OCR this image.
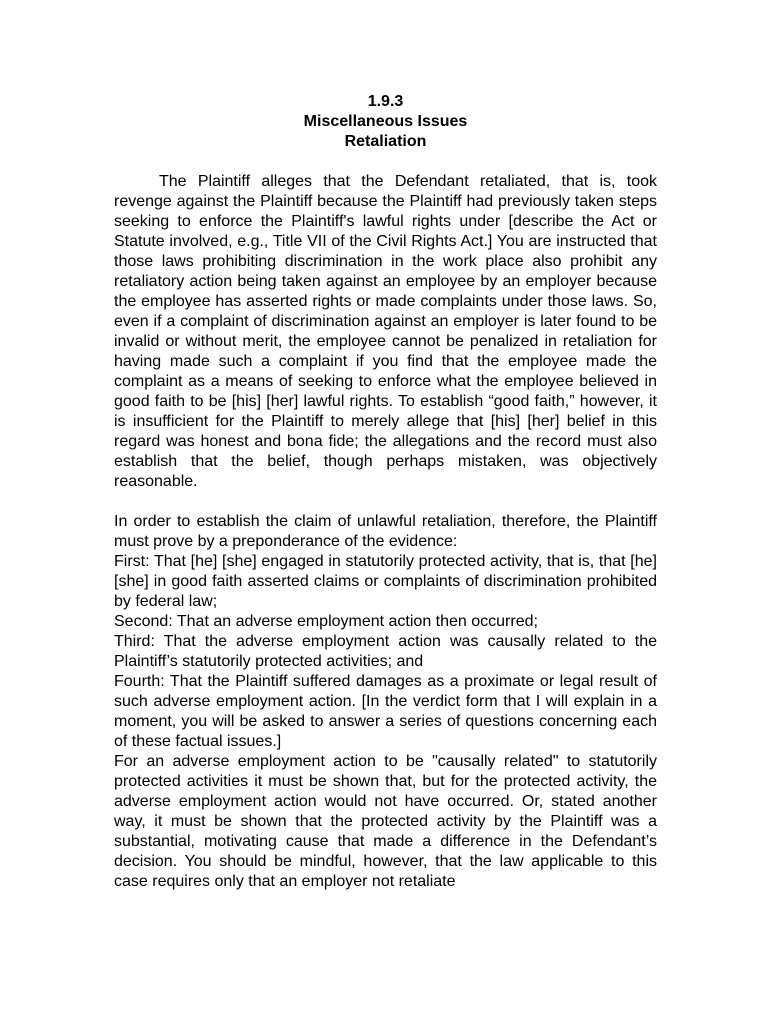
1.9.3
Miscellaneous Issues
Retaliation

The Plaintiff alleges that the Defendant retaliated, that is, took revenge against the Plaintiff because the Plaintiff had previously taken steps seeking to enforce the Plaintiff's lawful rights under [describe the Act or Statute involved, e.g., Title VII of the Civil Rights Act.] You are instructed that those laws prohibiting discrimination in the work place also prohibit any retaliatory action being taken against an employee by an employer because the employee has asserted rights or made complaints under those laws. So, even if a complaint of discrimination against an employer is later found to be invalid or without merit, the employee cannot be penalized in retaliation for having made such a complaint if you find that the employee made the complaint as a means of seeking to enforce what the employee believed in good faith to be [his] [her] lawful rights. To establish “good faith,” however, it is insufficient for the Plaintiff to merely allege that [his] [her] belief in this regard was honest and bona fide; the allegations and the record must also establish that the belief, though perhaps mistaken, was objectively reasonable.

In order to establish the claim of unlawful retaliation, therefore, the Plaintiff must prove by a preponderance of the evidence:

First: That [he] [she] engaged in statutorily protected activity, that is, that [he] [she] in good faith asserted claims or complaints of discrimination prohibited by federal law;

Second: That an adverse employment action then occurred;

Third: That the adverse employment action was causally related to the Plaintiff’s statutorily protected activities; and

Fourth: That the Plaintiff suffered damages as a proximate or legal result of such adverse employment action. [In the verdict form that I will explain in a moment, you will be asked to answer a series of questions concerning each of these factual issues.]

For an adverse employment action to be "causally related" to statutorily protected activities it must be shown that, but for the protected activity, the adverse employment action would not have occurred. Or, stated another way, it must be shown that the protected activity by the Plaintiff was a substantial, motivating cause that made a difference in the Defendant’s decision. You should be mindful, however, that the law applicable to this case requires only that an employer not retaliate
